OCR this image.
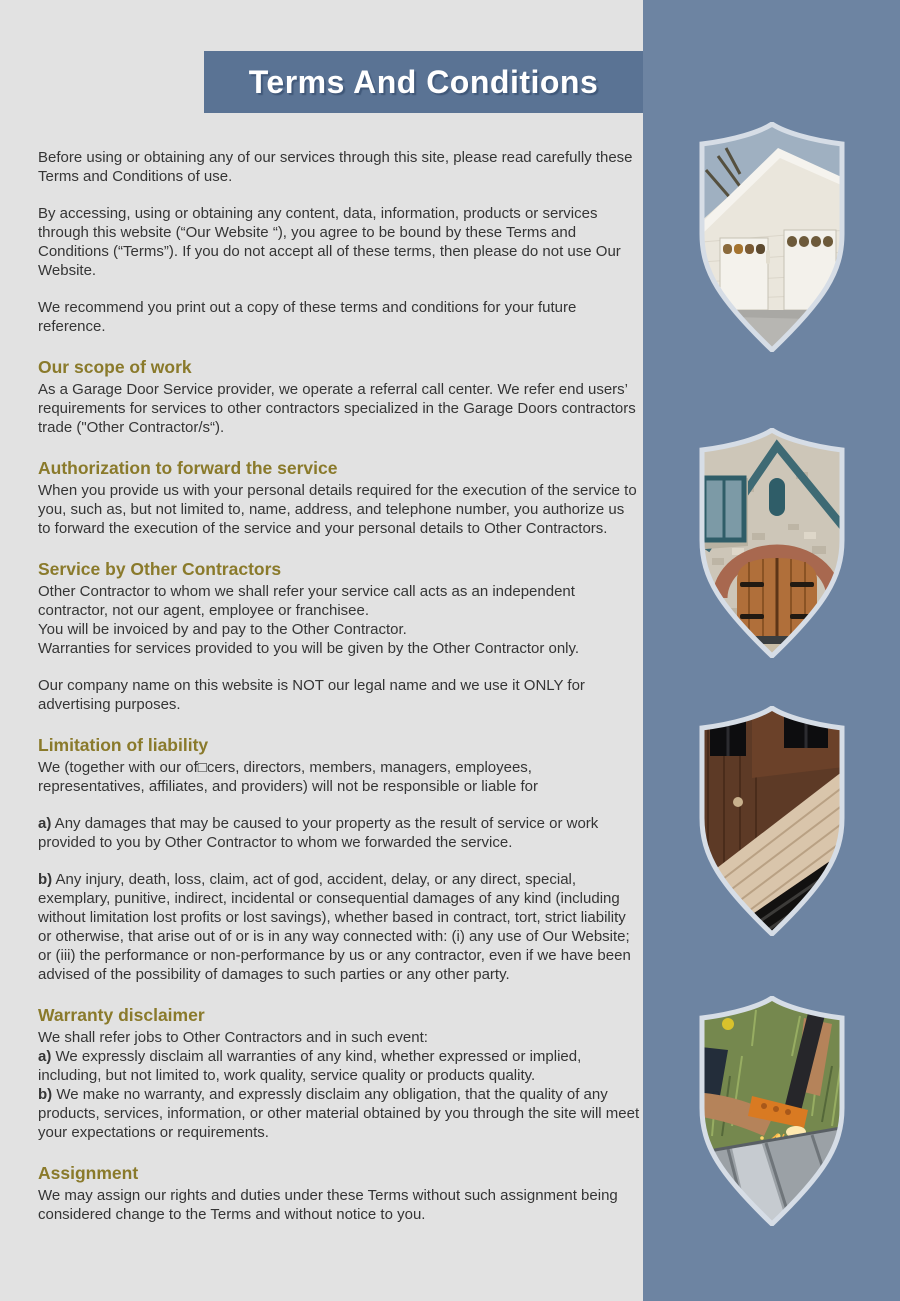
Terms And Conditions

Before using or obtaining any of our services through this site, please read carefully these Terms and Conditions of use.

By accessing, using or obtaining any content, data, information, products or services through this website (“Our Website “), you agree to be bound by these Terms and Conditions (“Terms”). If you do not accept all of these terms, then please do not use Our Website.

We recommend you print out a copy of these terms and conditions for your future reference.

Our scope of work

As a Garage Door Service provider, we operate a referral call center. We refer end users’ requirements for services to other contractors specialized in the Garage Doors contractors trade ("Other Contractor/s“).

Authorization to forward the service

When you provide us with your personal details required for the execution of the service to you, such as, but not limited to, name, address, and telephone number, you authorize us to forward the execution of the service and your personal details to Other Contractors.

Service by Other Contractors

Other Contractor to whom we shall refer your service call acts as an independent contractor, not our agent, employee or franchisee.

You will be invoiced by and pay to the Other Contractor.

Warranties for services provided to you will be given by the Other Contractor only.

Our company name on this website is NOT our legal name and we use it ONLY for advertising purposes.

Limitation of liability

We (together with our of□cers, directors, members, managers, employees, representatives, affiliates, and providers) will not be responsible or liable for

a) Any damages that may be caused to your property as the result of service or work provided to you by Other Contractor to whom we forwarded the service.

b) Any injury, death, loss, claim, act of god, accident, delay, or any direct, special, exemplary, punitive, indirect, incidental or consequential damages of any kind (including without limitation lost profits or lost savings), whether based in contract, tort, strict liability or otherwise, that arise out of or is in any way connected with: (i) any use of Our Website; or (iii) the performance or non-performance by us or any contractor, even if we have been advised of the possibility of damages to such parties or any other party.

Warranty disclaimer

We shall refer jobs to Other Contractors and in such event:

a) We expressly disclaim all warranties of any kind, whether expressed or implied, including, but not limited to, work quality, service quality or products quality.

b) We make no warranty, and expressly disclaim any obligation, that the quality of any products, services, information, or other material obtained by you through the site will meet your expectations or requirements.

Assignment

We may assign our rights and duties under these Terms without such assignment being considered change to the Terms and without notice to you.
